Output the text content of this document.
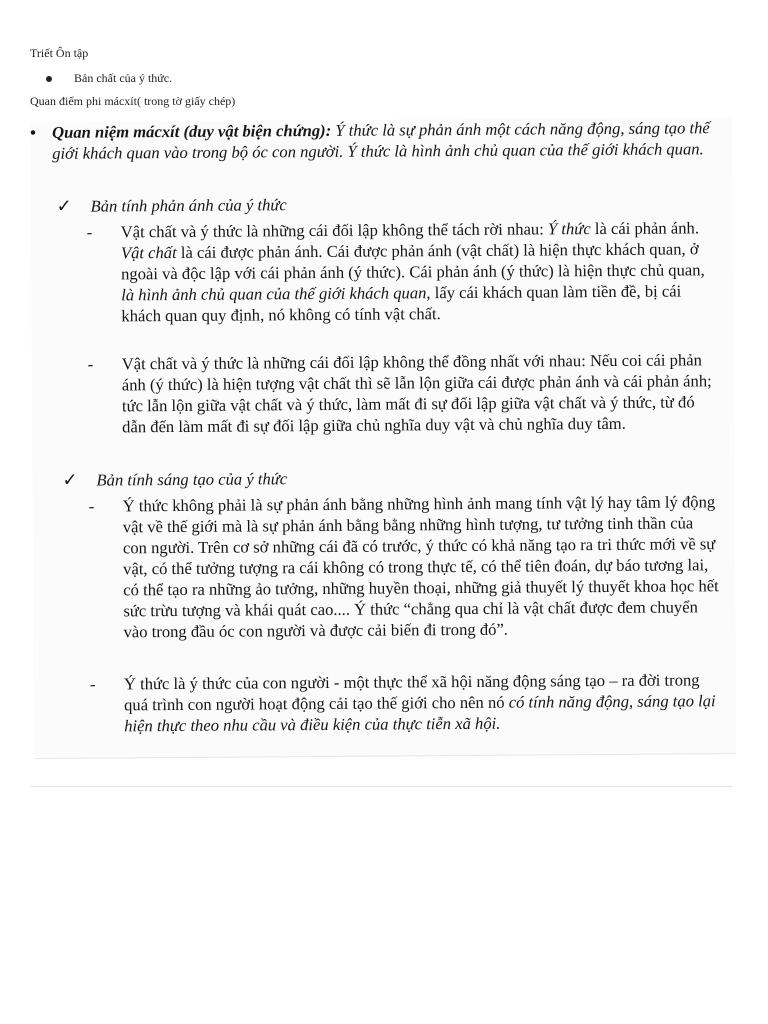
Triết Ôn tập
Bản chất của ý thức.
Quan điểm phi mácxít( trong tờ giấy chép)
• Quan niệm mácxít (duy vật biện chứng): Ý thức là sự phản ánh một cách năng động, sáng tạo thế giới khách quan vào trong bộ óc con người. Ý thức là hình ảnh chủ quan của thế giới khách quan.

✓	Bản tính phản ánh của ý thức
-	Vật chất và ý thức là những cái đối lập không thể tách rời nhau: Ý thức là cái phản ánh. Vật chất là cái được phản ánh. Cái được phản ánh (vật chất) là hiện thực khách quan, ở ngoài và độc lập với cái phản ánh (ý thức). Cái phản ánh (ý thức) là hiện thực chủ quan, là hình ảnh chủ quan của thế giới khách quan, lấy cái khách quan làm tiền đề, bị cái khách quan quy định, nó không có tính vật chất.

-	Vật chất và ý thức là những cái đối lập không thể đồng nhất với nhau: Nếu coi cái phản ánh (ý thức) là hiện tượng vật chất thì sẽ lẫn lộn giữa cái được phản ánh và cái phản ánh; tức lẫn lộn giữa vật chất và ý thức, làm mất đi sự đối lập giữa vật chất và ý thức, từ đó dẫn đến làm mất đi sự đối lập giữa chủ nghĩa duy vật và chủ nghĩa duy tâm.

✓	Bản tính sáng tạo của ý thức
-	Ý thức không phải là sự phản ánh bằng những hình ảnh mang tính vật lý hay tâm lý động vật về thế giới mà là sự phản ánh bằng bằng những hình tượng, tư tưởng tinh thần của con người. Trên cơ sở những cái đã có trước, ý thức có khả năng tạo ra tri thức mới về sự vật, có thể tưởng tượng ra cái không có trong thực tế, có thể tiên đoán, dự báo tương lai, có thể tạo ra những ảo tưởng, những huyền thoại, những giả thuyết lý thuyết khoa học hết sức trừu tượng và khái quát cao.... Ý thức “chẳng qua chỉ là vật chất được đem chuyển vào trong đầu óc con người và được cải biến đi trong đó”.

-	Ý thức là ý thức của con người - một thực thể xã hội năng động sáng tạo – ra đời trong quá trình con người hoạt động cải tạo thế giới cho nên nó có tính năng động, sáng tạo lại hiện thực theo nhu cầu và điều kiện của thực tiễn xã hội.
